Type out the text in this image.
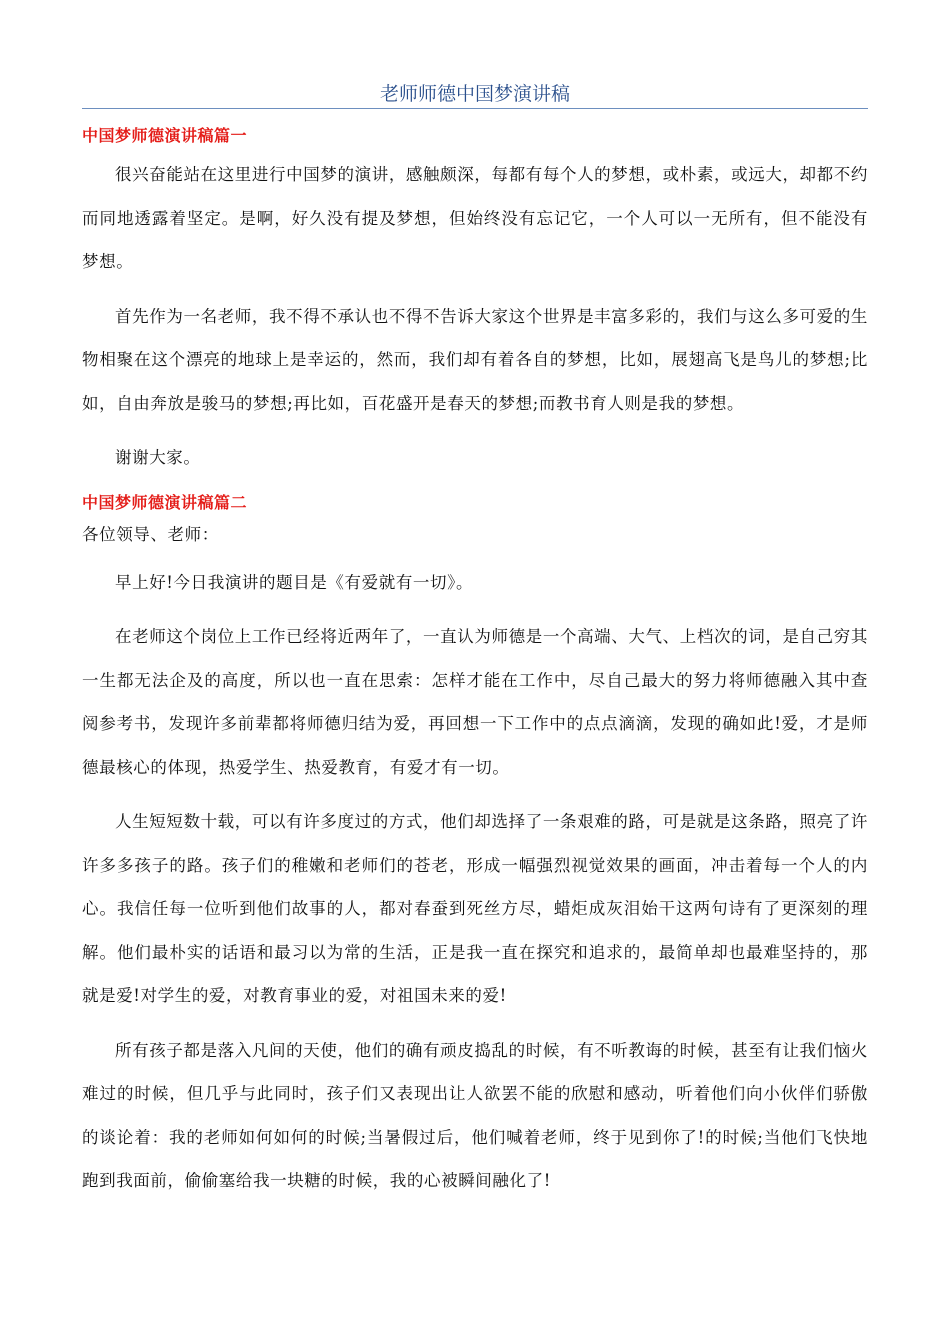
老师师德中国梦演讲稿
中国梦师德演讲稿篇一

很兴奋能站在这里进行中国梦的演讲，感触颇深，每都有每个人的梦想，或朴素，或远大，却都不约而同地透露着坚定。是啊，好久没有提及梦想，但始终没有忘记它，一个人可以一无所有，但不能没有梦想。

首先作为一名老师，我不得不承认也不得不告诉大家这个世界是丰富多彩的，我们与这么多可爱的生物相聚在这个漂亮的地球上是幸运的，然而，我们却有着各自的梦想，比如，展翅高飞是鸟儿的梦想;比如，自由奔放是骏马的梦想;再比如，百花盛开是春天的梦想;而教书育人则是我的梦想。

谢谢大家。

中国梦师德演讲稿篇二

各位领导、老师：

早上好!今日我演讲的题目是《有爱就有一切》。

在老师这个岗位上工作已经将近两年了，一直认为师德是一个高端、大气、上档次的词，是自己穷其一生都无法企及的高度，所以也一直在思索：怎样才能在工作中，尽自己最大的努力将师德融入其中查阅参考书，发现许多前辈都将师德归结为爱，再回想一下工作中的点点滴滴，发现的确如此!爱，才是师德最核心的体现，热爱学生、热爱教育，有爱才有一切。

人生短短数十载，可以有许多度过的方式，他们却选择了一条艰难的路，可是就是这条路，照亮了许许多多孩子的路。孩子们的稚嫩和老师们的苍老，形成一幅强烈视觉效果的画面，冲击着每一个人的内心。我信任每一位听到他们故事的人，都对春蚕到死丝方尽，蜡炬成灰泪始干这两句诗有了更深刻的理解。他们最朴实的话语和最习以为常的生活，正是我一直在探究和追求的，最简单却也最难坚持的，那就是爱!对学生的爱，对教育事业的爱，对祖国未来的爱!

所有孩子都是落入凡间的天使，他们的确有顽皮捣乱的时候，有不听教诲的时候，甚至有让我们恼火难过的时候，但几乎与此同时，孩子们又表现出让人欲罢不能的欣慰和感动，听着他们向小伙伴们骄傲的谈论着：我的老师如何如何的时候;当暑假过后，他们喊着老师，终于见到你了!的时候;当他们飞快地跑到我面前，偷偷塞给我一块糖的时候，我的心被瞬间融化了!
